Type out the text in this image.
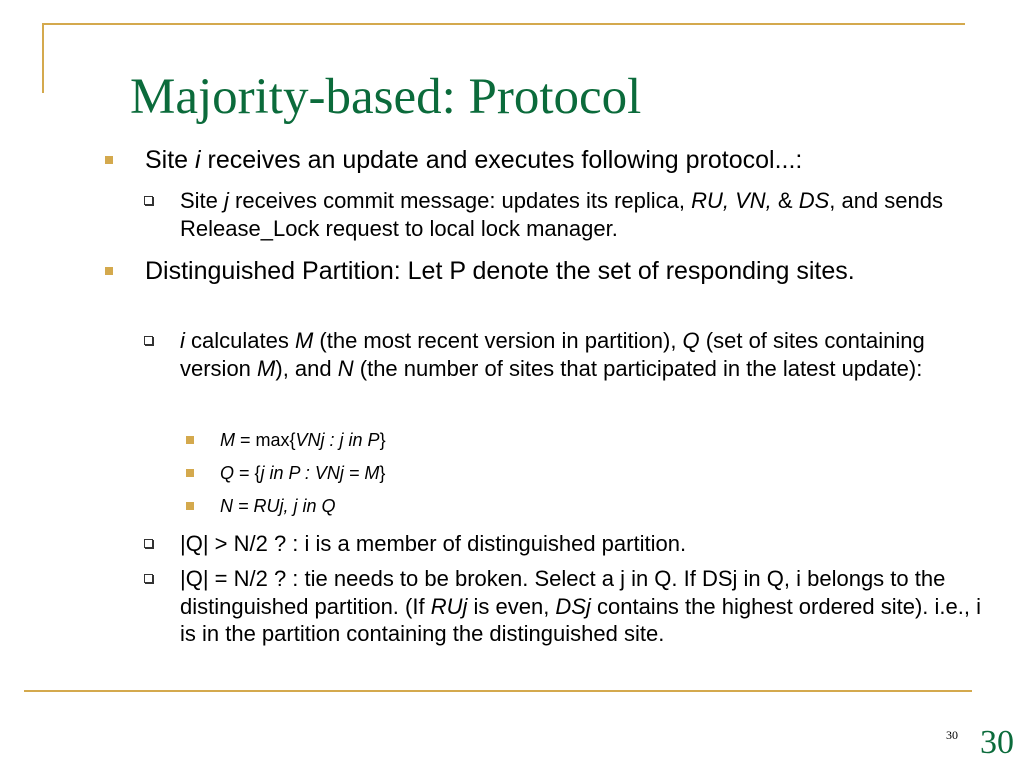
Majority-based: Protocol
Site i receives an update and executes following protocol...:
Site j receives commit message: updates its replica, RU, VN, & DS, and sends Release_Lock request to local lock manager.
Distinguished Partition: Let P denote the set of responding sites.
i calculates M (the most recent version in partition), Q (set of sites containing version M), and N (the number of sites that participated in the latest update):
M = max{VNj : j in P}
Q = {j in P : VNj = M}
N = RUj, j in Q
|Q| > N/2 ? : i is a member of distinguished partition.
|Q| = N/2 ? : tie needs to be broken. Select a j in Q. If DSj in Q, i belongs to the distinguished partition. (If RUj is even, DSj contains the highest ordered site). i.e., i is in the partition containing the distinguished site.
30 30
